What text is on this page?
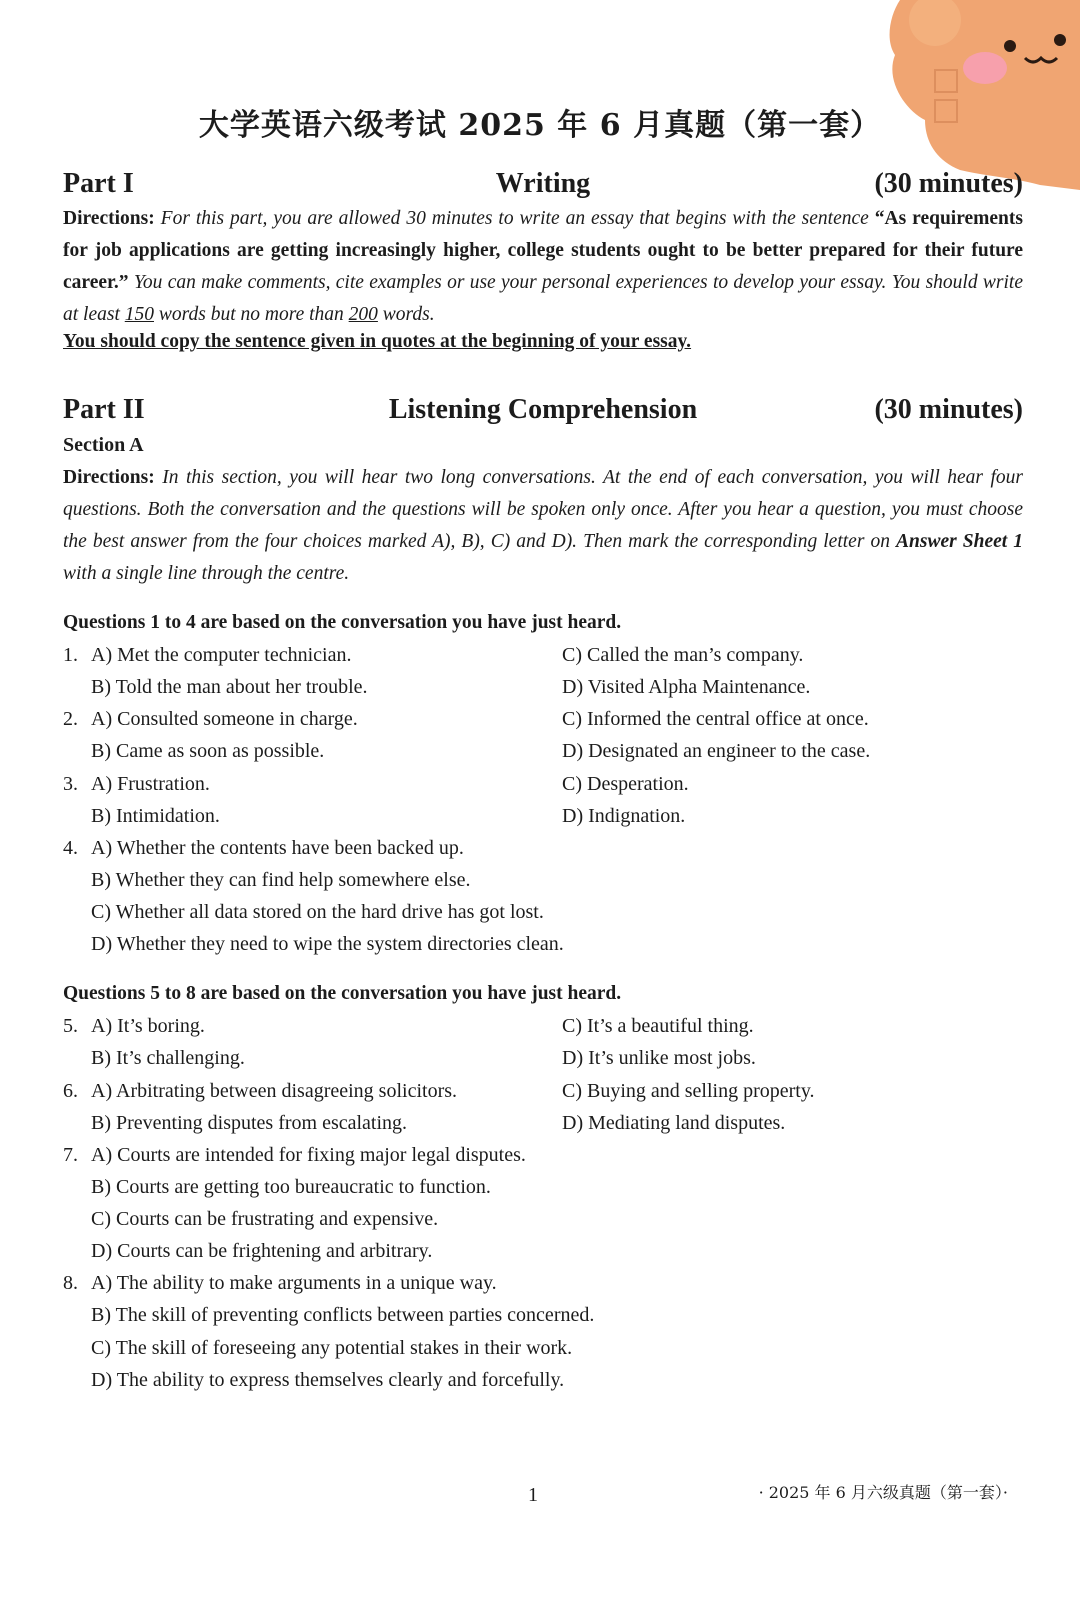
大学英语六级考试 2025 年 6 月真题（第一套）
Part I	Writing	(30 minutes)
Directions: For this part, you are allowed 30 minutes to write an essay that begins with the sentence “As requirements for job applications are getting increasingly higher, college students ought to be better prepared for their future career.” You can make comments, cite examples or use your personal experiences to develop your essay. You should write at least 150 words but no more than 200 words.
You should copy the sentence given in quotes at the beginning of your essay.
Part II	Listening Comprehension	(30 minutes)
Section A
Directions: In this section, you will hear two long conversations. At the end of each conversation, you will hear four questions. Both the conversation and the questions will be spoken only once. After you hear a question, you must choose the best answer from the four choices marked A), B), C) and D). Then mark the corresponding letter on Answer Sheet 1 with a single line through the centre.
Questions 1 to 4 are based on the conversation you have just heard.
1. A) Met the computer technician.	C) Called the man’s company.
B) Told the man about her trouble.	D) Visited Alpha Maintenance.
2. A) Consulted someone in charge.	C) Informed the central office at once.
B) Came as soon as possible.	D) Designated an engineer to the case.
3. A) Frustration.	C) Desperation.
B) Intimidation.	D) Indignation.
4. A) Whether the contents have been backed up.
B) Whether they can find help somewhere else.
C) Whether all data stored on the hard drive has got lost.
D) Whether they need to wipe the system directories clean.
Questions 5 to 8 are based on the conversation you have just heard.
5. A) It’s boring.	C) It’s a beautiful thing.
B) It’s challenging.	D) It’s unlike most jobs.
6. A) Arbitrating between disagreeing solicitors.	C) Buying and selling property.
B) Preventing disputes from escalating.	D) Mediating land disputes.
7. A) Courts are intended for fixing major legal disputes.
B) Courts are getting too bureaucratic to function.
C) Courts can be frustrating and expensive.
D) Courts can be frightening and arbitrary.
8. A) The ability to make arguments in a unique way.
B) The skill of preventing conflicts between parties concerned.
C) The skill of foreseeing any potential stakes in their work.
D) The ability to express themselves clearly and forcefully.
1	· 2025 年 6 月六级真题（第一套）·
